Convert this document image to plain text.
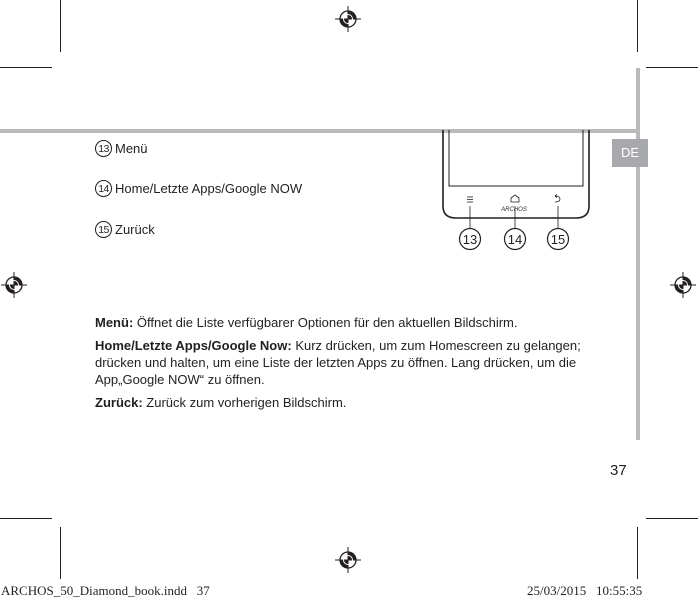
DE
13 Menü
14 Home/Letzte Apps/Google NOW
15 Zurück
ARCHOS
13 14 15

Menü: Öffnet die Liste verfügbarer Optionen für den aktuellen Bildschirm.

Home/Letzte Apps/Google Now: Kurz drücken, um zum Homescreen zu gelangen; drücken und halten, um eine Liste der letzten Apps zu öffnen. Lang drücken, um die App„Google NOW“ zu öffnen.

Zurück: Zurück zum vorherigen Bildschirm.

37
ARCHOS_50_Diamond_book.indd   37	25/03/2015   10:55:35
